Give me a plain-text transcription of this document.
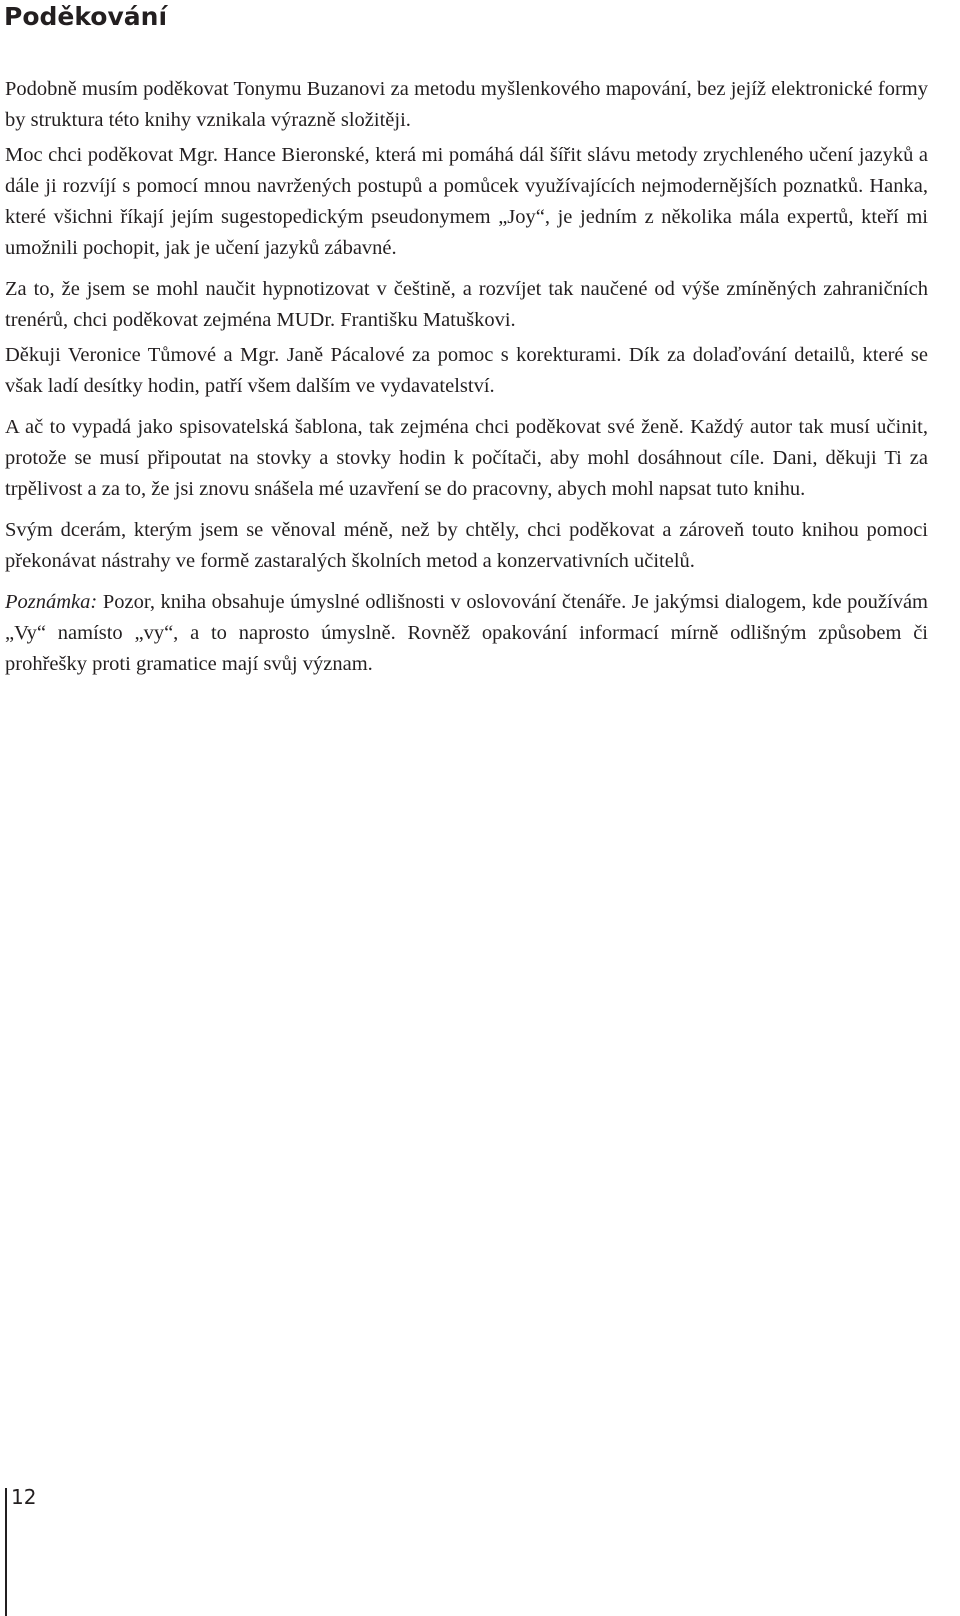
Poděkování

Podobně musím poděkovat Tonymu Buzanovi za metodu myšlenkového mapování, bez jejíž elektronické formy by struktura této knihy vznikala výrazně složitěji.

Moc chci poděkovat Mgr. Hance Bieronské, která mi pomáhá dál šířit slávu metody zrychleného učení jazyků a dále ji rozvíjí s pomocí mnou navržených postupů a pomůcek využívajících nejmodernějších poznatků. Hanka, které všichni říkají jejím sugestopedickým pseudonymem „Joy“, je jedním z několika mála expertů, kteří mi umožnili pochopit, jak je učení jazyků zábavné.

Za to, že jsem se mohl naučit hypnotizovat v češtině, a rozvíjet tak naučené od výše zmíněných zahraničních trenérů, chci poděkovat zejména MUDr. Františku Matuškovi.

Děkuji Veronice Tůmové a Mgr. Janě Pácalové za pomoc s korekturami. Dík za dolaďování detailů, které se však ladí desítky hodin, patří všem dalším ve vydavatelství.

A ač to vypadá jako spisovatelská šablona, tak zejména chci poděkovat své ženě. Každý autor tak musí učinit, protože se musí připoutat na stovky a stovky hodin k počítači, aby mohl dosáhnout cíle. Dani, děkuji Ti za trpělivost a za to, že jsi znovu snášela mé uzavření se do pracovny, abych mohl napsat tuto knihu.

Svým dcerám, kterým jsem se věnoval méně, než by chtěly, chci poděkovat a zároveň touto knihou pomoci překonávat nástrahy ve formě zastaralých školních metod a konzervativních učitelů.

Poznámka: Pozor, kniha obsahuje úmyslné odlišnosti v oslovování čtenáře. Je jakýmsi dialogem, kde používám „Vy“ namísto „vy“, a to naprosto úmyslně. Rovněž opakování informací mírně odlišným způsobem či prohřešky proti gramatice mají svůj význam.

12
